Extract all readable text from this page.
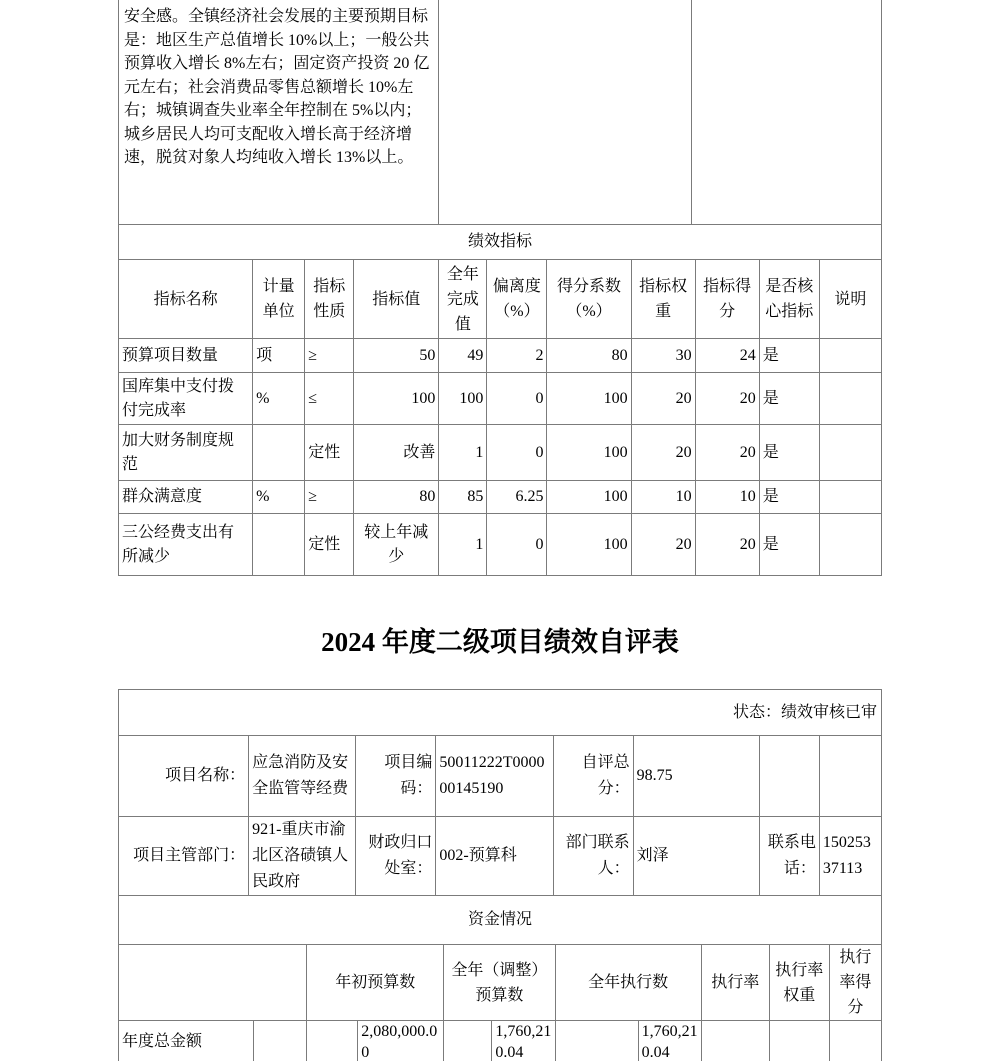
安全感。全镇经济社会发展的主要预期目标是：地区生产总值增长 10%以上；一般公共预算收入增长 8%左右；固定资产投资 20 亿元左右；社会消费品零售总额增长 10%左右；城镇调查失业率全年控制在 5%以内；城乡居民人均可支配收入增长高于经济增速，脱贫对象人均纯收入增长 13%以上。		
绩效指标										
指标名称	计量单位	指标性质	指标值	全年完成值	偏离度（%）	得分系数（%）	指标权重	指标得分	是否核心指标	说明
预算项目数量	项	≥	50	49	2	80	30	24	是	
国库集中支付拨付完成率	%	≤	100	100	0	100	20	20	是	
加大财务制度规范		定性	改善	1	0	100	20	20	是	
群众满意度	%	≥	80	85	6.25	100	10	10	是	
三公经费支出有所减少		定性	较上年减少	1	0	100	20	20	是	
2024 年度二级项目绩效自评表
状态：绩效审核已审							
项目名称：	应急消防及安全监管等经费	项目编码：	50011222T000000145190	自评总分：	98.75		
项目主管部门：	921-重庆市渝北区洛碛镇人民政府	财政归口处室：	002-预算科	部门联系人：	刘泽	联系电话：	15025337113
资金情况										
		年初预算数		全年（调整）预算数		全年执行数		执行率	执行率权重	执行率得分
年度总金额			2,080,000.00		1,760,210.04		1,760,210.04			
